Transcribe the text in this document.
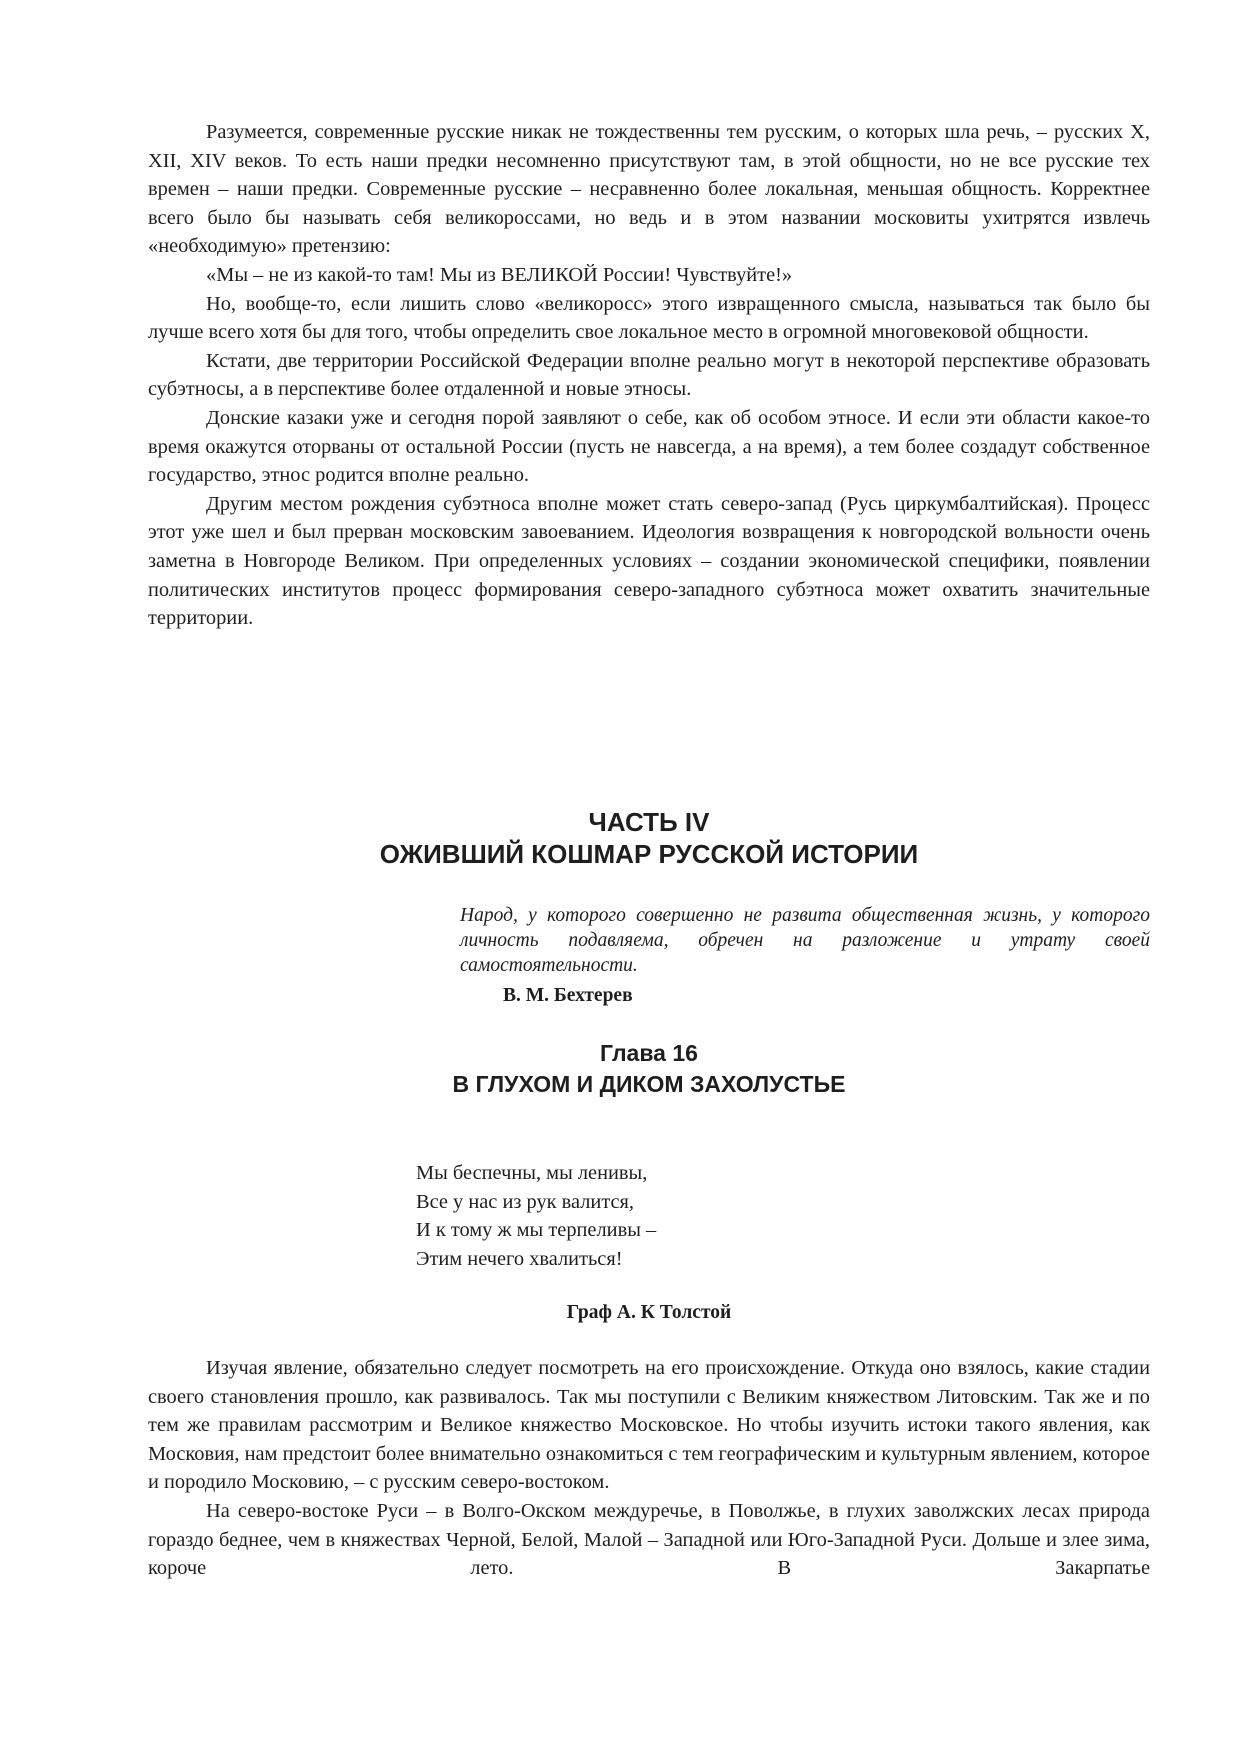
Разумеется, современные русские никак не тождественны тем русским, о которых шла речь, – русских X, XII, XIV веков. То есть наши предки несомненно присутствуют там, в этой общности, но не все русские тех времен – наши предки. Современные русские – несравненно более локальная, меньшая общность. Корректнее всего было бы называть себя великороссами, но ведь и в этом названии московиты ухитрятся извлечь «необходимую» претензию:

«Мы – не из какой-то там! Мы из ВЕЛИКОЙ России! Чувствуйте!»

Но, вообще-то, если лишить слово «великоросс» этого извращенного смысла, называться так было бы лучше всего хотя бы для того, чтобы определить свое локальное место в огромной многовековой общности.

Кстати, две территории Российской Федерации вполне реально могут в некоторой перспективе образовать субэтносы, а в перспективе более отдаленной и новые этносы.

Донские казаки уже и сегодня порой заявляют о себе, как об особом этносе. И если эти области какое-то время окажутся оторваны от остальной России (пусть не навсегда, а на время), а тем более создадут собственное государство, этнос родится вполне реально.

Другим местом рождения субэтноса вполне может стать северо-запад (Русь циркумбалтийская). Процесс этот уже шел и был прерван московским завоеванием. Идеология возвращения к новгородской вольности очень заметна в Новгороде Великом. При определенных условиях – создании экономической специфики, появлении политических институтов процесс формирования северо-западного субэтноса может охватить значительные территории.

ЧАСТЬ IV
ОЖИВШИЙ КОШМАР РУССКОЙ ИСТОРИИ

Народ, у которого совершенно не развита общественная жизнь, у которого личность подавляема, обречен на разложение и утрату своей самостоятельности.

В. М. Бехтерев

Глава 16
В ГЛУХОМ И ДИКОМ ЗАХОЛУСТЬЕ
Мы беспечны, мы ленивы,
Все у нас из рук валится,
И к тому ж мы терпеливы –
Этим нечего хвалиться!

Граф А. К Толстой

Изучая явление, обязательно следует посмотреть на его происхождение. Откуда оно взялось, какие стадии своего становления прошло, как развивалось. Так мы поступили с Великим княжеством Литовским. Так же и по тем же правилам рассмотрим и Великое княжество Московское. Но чтобы изучить истоки такого явления, как Московия, нам предстоит более внимательно ознакомиться с тем географическим и культурным явлением, которое и породило Московию, – с русским северо-востоком.

На северо-востоке Руси – в Волго-Окском междуречье, в Поволжье, в глухих заволжских лесах природа гораздо беднее, чем в княжествах Черной, Белой, Малой – Западной или Юго-Западной Руси. Дольше и злее зима, короче лето. В Закарпатье
